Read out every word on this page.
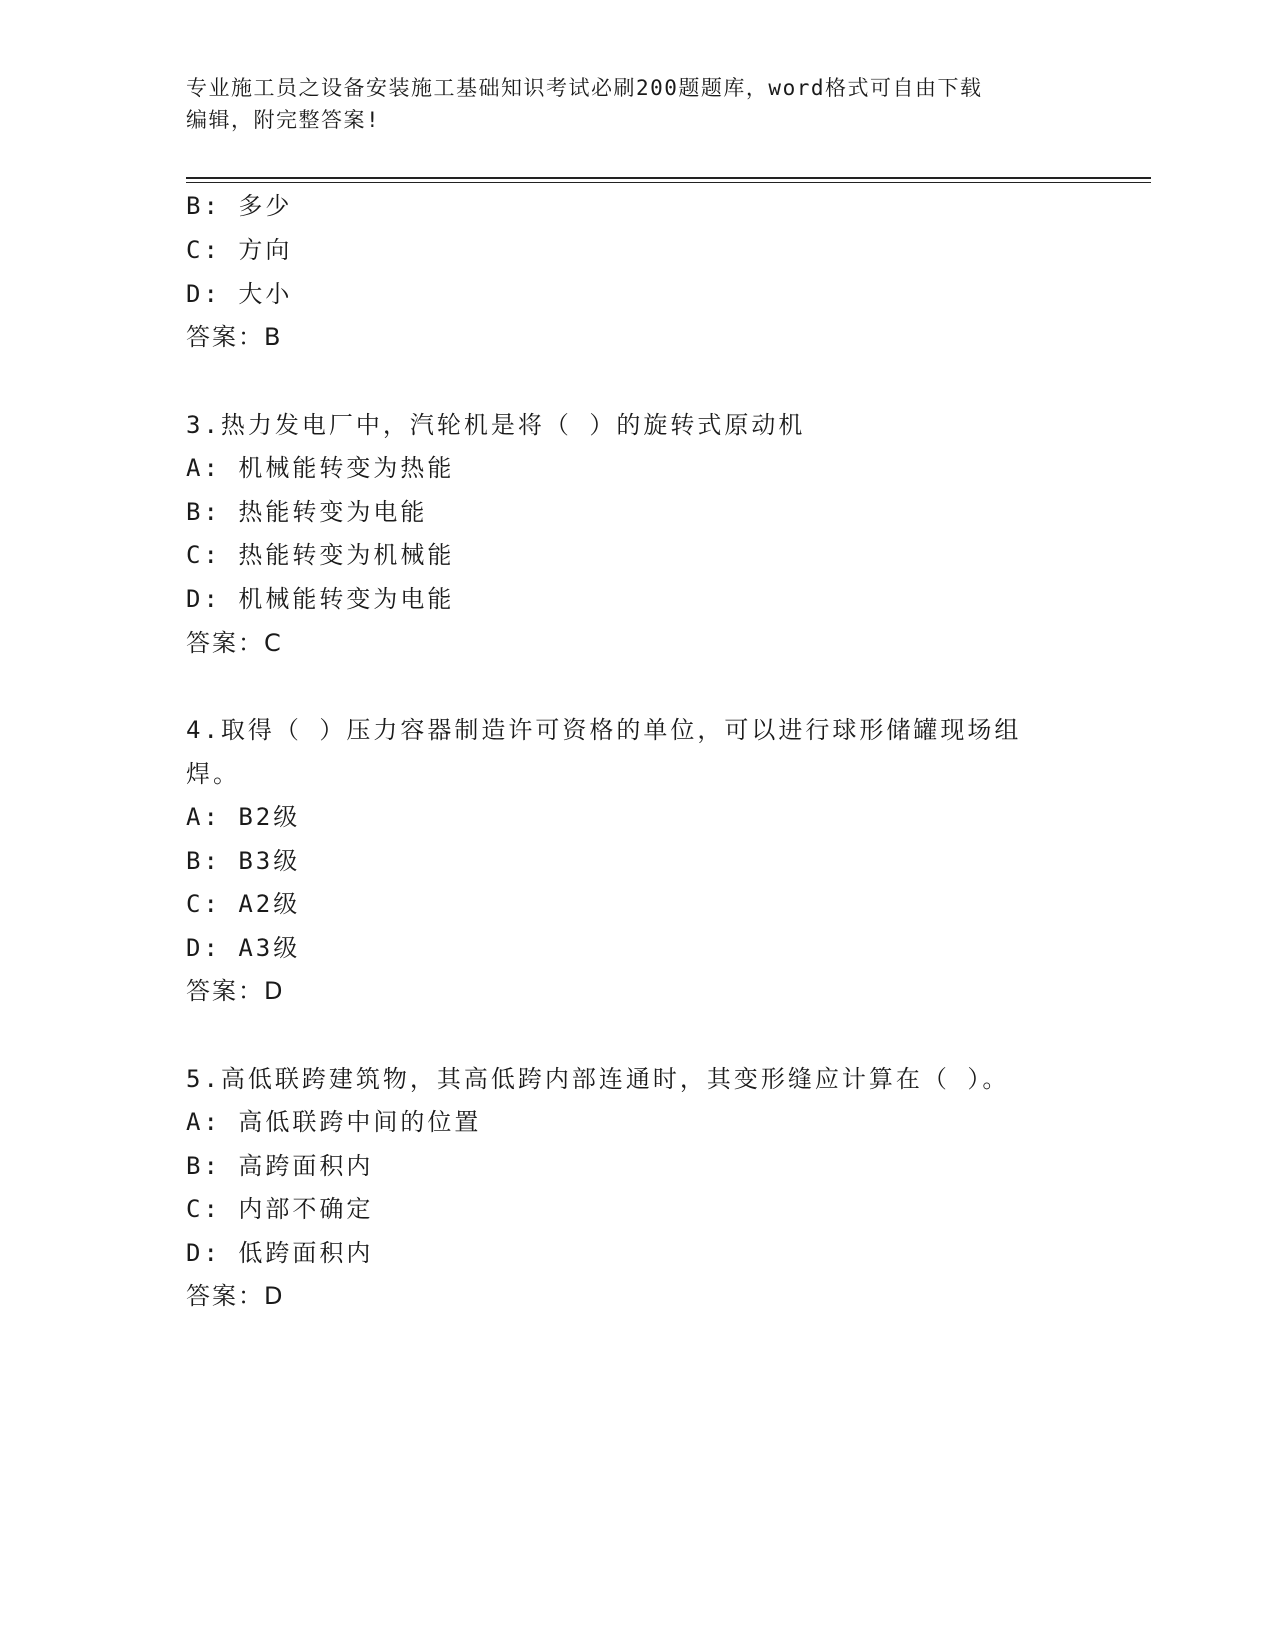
专业施工员之设备安装施工基础知识考试必刷200题题库，word格式可自由下载
编辑，附完整答案!
B: 多少
C: 方向
D: 大小
答案：B
3.热力发电厂中，汽轮机是将（ ）的旋转式原动机
A: 机械能转变为热能
B: 热能转变为电能
C: 热能转变为机械能
D: 机械能转变为电能
答案：C
4.取得（ ）压力容器制造许可资格的单位，可以进行球形储罐现场组
焊。
A: B2级
B: B3级
C: A2级
D: A3级
答案：D
5.高低联跨建筑物，其高低跨内部连通时，其变形缝应计算在（ ）。
A: 高低联跨中间的位置
B: 高跨面积内
C: 内部不确定
D: 低跨面积内
答案：D
